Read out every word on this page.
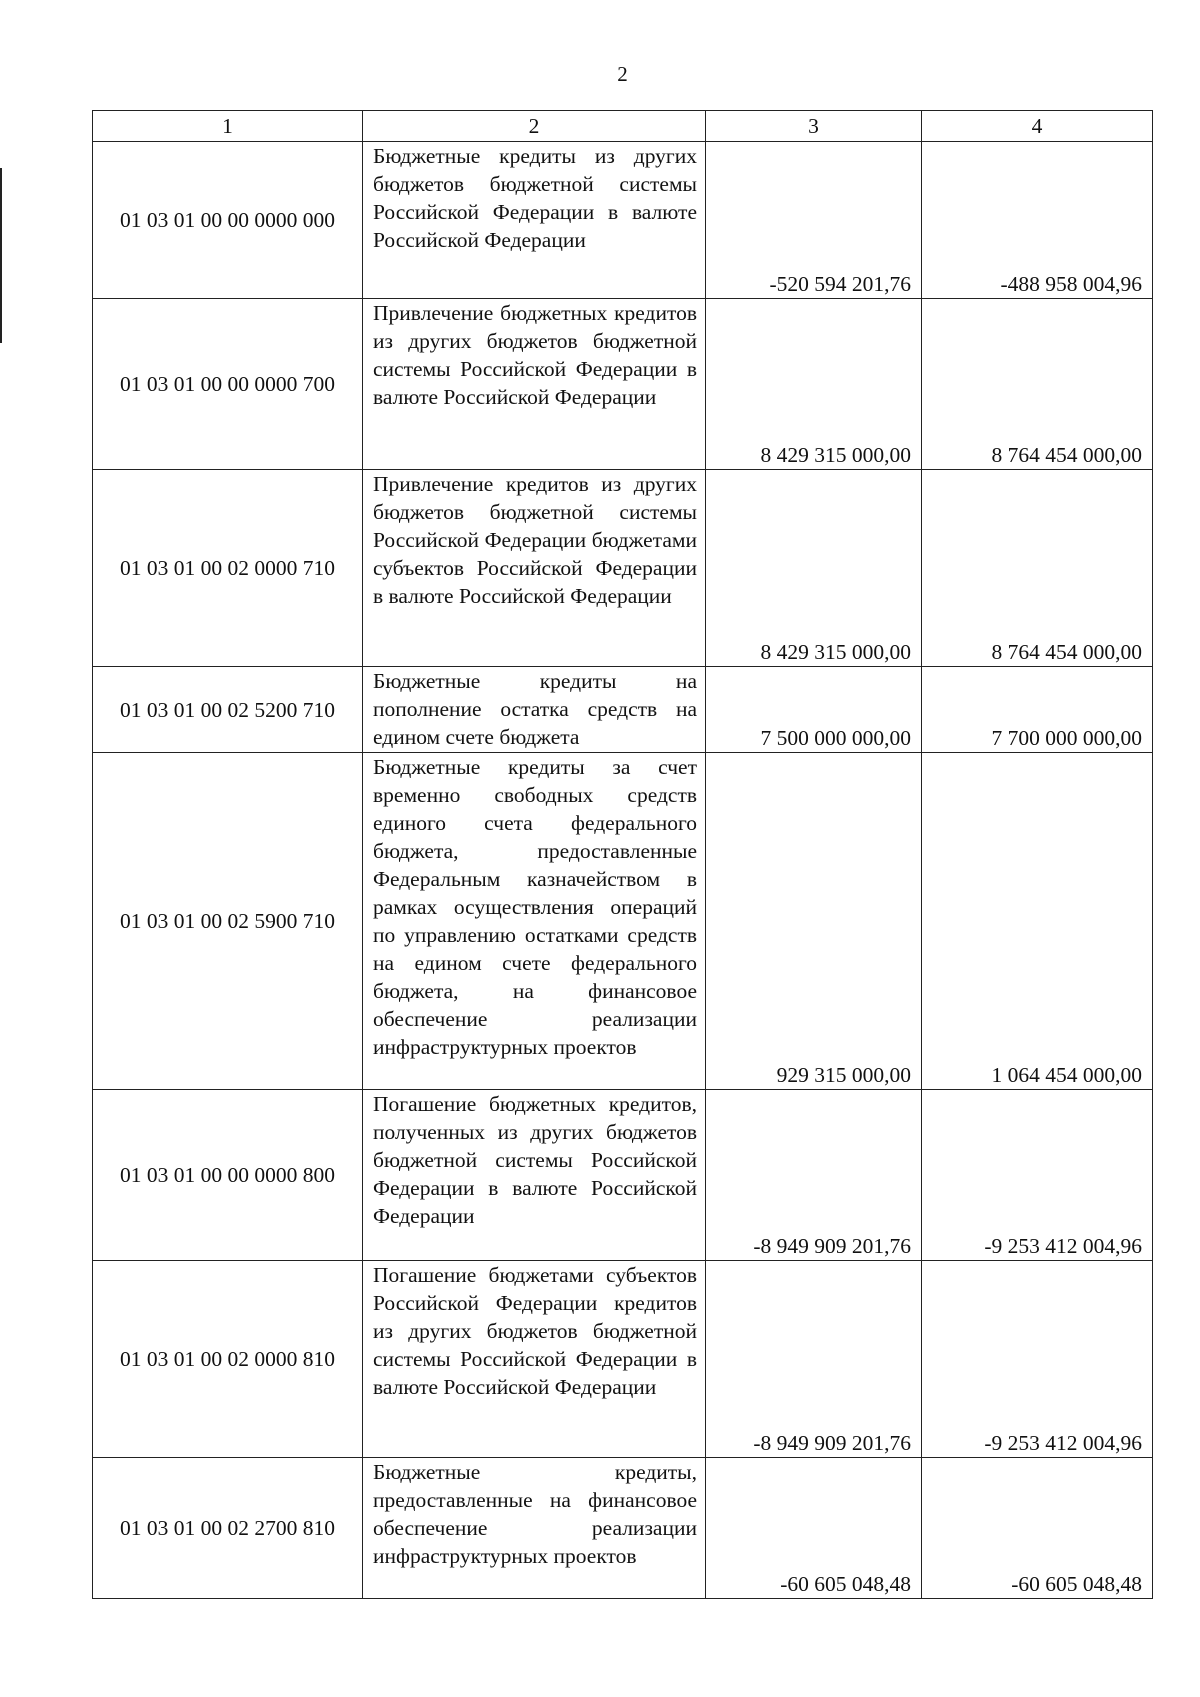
2
1	2	3	4
01 03 01 00 00 0000 000	Бюджетные кредиты из других бюджетов бюджетной системы Российской Федерации в валюте Российской Федерации	-520 594 201,76	-488 958 004,96
01 03 01 00 00 0000 700	Привлечение бюджетных кредитов из других бюджетов бюджетной системы Российской Федерации в валюте Российской Федерации	8 429 315 000,00	8 764 454 000,00
01 03 01 00 02 0000 710	Привлечение кредитов из других бюджетов бюджетной системы Российской Федерации бюджетами субъектов Российской Федерации в валюте Российской Федерации	8 429 315 000,00	8 764 454 000,00
01 03 01 00 02 5200 710	Бюджетные кредиты на пополнение остатка средств на едином счете бюджета	7 500 000 000,00	7 700 000 000,00
01 03 01 00 02 5900 710	Бюджетные кредиты за счет временно свободных средств единого счета федерального бюджета, предоставленные Федеральным казначейством в рамках осуществления операций по управлению остатками средств на едином счете федерального бюджета, на финансовое обеспечение реализации инфраструктурных проектов	929 315 000,00	1 064 454 000,00
01 03 01 00 00 0000 800	Погашение бюджетных кредитов, полученных из других бюджетов бюджетной системы Российской Федерации в валюте Российской Федерации	-8 949 909 201,76	-9 253 412 004,96
01 03 01 00 02 0000 810	Погашение бюджетами субъектов Российской Федерации кредитов из других бюджетов бюджетной системы Российской Федерации в валюте Российской Федерации	-8 949 909 201,76	-9 253 412 004,96
01 03 01 00 02 2700 810	Бюджетные кредиты, предоставленные на финансовое обеспечение реализации инфраструктурных проектов	-60 605 048,48	-60 605 048,48
